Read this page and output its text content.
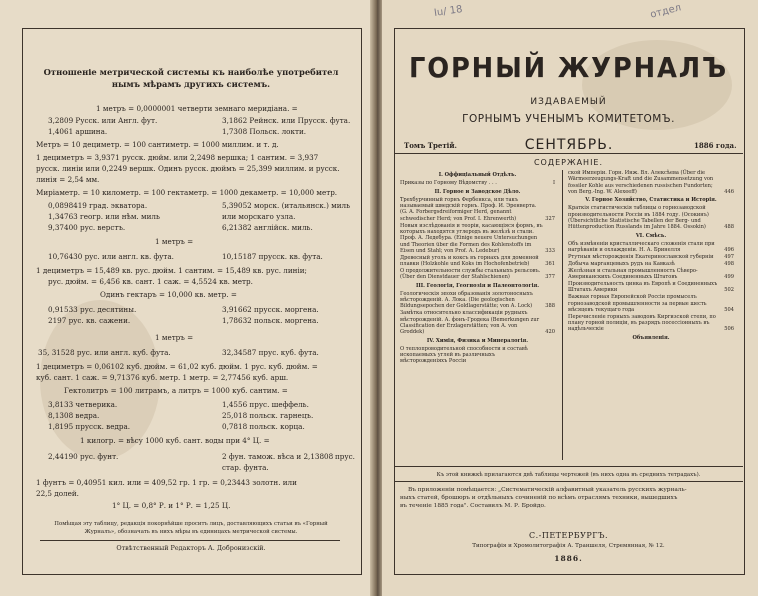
Отношеніе метрической системы къ наиболѣе употребител
нымъ мѣрамъ другихъ системъ.
1 метръ = 0,0000001 четверти земнаго меридіана. =
3,2809 Русск. или Англ. фут.	3,1862 Рейнск. или Прусск. фута.
1,4061 аршина.	1,7308 Польск. локти.
Метръ = 10 дециметр. = 100 сантиметр. = 1000 миллим. и т. д.
1 дециметръ = 3,9371 русск. дюйм. или 2,2498 вершка; 1 сантим. = 3,937
русск. линіи или 0,2249 вершк. Одинъ русск. дюймъ = 25,399 миллим. и русск.
линія = 2,54 мм.
Миріаметр. = 10 километр. = 100 гектаметр. = 1000 декаметр. = 10,000 метр.
0,0898419 град. экватора.	5,39052 морск. (итальянск.) миль
1,34763 геогр. или нѣм. миль	или морскаго узла.
9,37400 рус. верстъ.	6,21382 англійск. миль.
1 метръ =
10,76430 рус. или англ. кв. фута.	10,15187 прусск. кв. фута.
1 дециметръ = 15,489 кв. рус. дюйм. 1 сантим. = 15,489 кв. рус. линіи;
рус. дюйм. = 6,456 кв. сант. 1 саж. = 4,5524 кв. метр.
Одинъ гектаръ = 10,000 кв. метр. =
0,91533 рус. десятины.	3,91662 прусск. моргена.
2197 рус. кв. сажени.	1,78632 польск. моргена.
1 метръ =
35, 31528 рус. или англ. куб. фута.	32,34587 прус. куб. фута.
1 дециметръ = 0,06102 куб. дюйм. = 61,02 куб. дюйм. 1 рус. куб. дюйм. =
куб. сант. 1 саж. = 9,71376 куб. метр. 1 метр. = 2,77456 куб. арш.
Гектолитръ = 100 литрамъ, а литръ = 1000 куб. сантим. =
3,8133 четверика.	1,4556 прус. шеффель.
8,1308 ведра.	25,018 польск. гарнецъ.
1,8195 прусск. ведра.	0,7818 польск. корца.
1 килогр. = вѣсу 1000 куб. сант. воды при 4° Ц. =
2,44190 рус. фунт.	2 фун. тамож. вѣса и 2,13808 прус.
стар. фунта.
1 фунтъ = 0,40951 кил. или = 409,52 гр. 1 гр. = 0,23443 золотн. или
22,5 долей.
1° Ц. = 0,8° Р. и 1° Р. = 1,25 Ц.
Помѣщая эту таблицу, редакція покорнѣйше проситъ лицъ, доставляющихъ статьи въ «Горный
Журналъ», обозначать въ нихъ мѣры въ единицахъ метрической системы.
Отвѣтственный Редакторъ А. Добронизскій.
Iu/ 18	отдел
ГОРНЫЙ ЖУРНАЛЪ
ИЗДАВАЕМЫЙ
ГОРНЫМЪ УЧЕНЫМЪ КОМИТЕТОМЪ.
Томъ Третій.	СЕНТЯБРЬ.	1886 года.
СОДЕРЖАНІЕ.
I. Оффиціальный Отдѣлъ.
Приказы по Горному Вѣдомству . . .	I
II. Горное и Заводское Дѣло.
Трехбурчинный горнъ Фербенкса, или такъ называемый шведскій горнъ. Проф. И. Эренверта. (G. A. Forbergsdreiformiger Herd, genannt schwedischer Herd; von Prof. I. Ehrenwerth)	327
Новыя изслѣдованія и теоріи, касающіяся формъ, въ которыхъ находятся углеродъ въ желѣзѣ и стали. Проф. А. Ледебура. (Einige neuere Untersuchungen und Theorien über die Formen des Kohlenstoffs im Eisen und Stahl; von Prof. A. Ledebur)	333
Древесный уголь и коксъ въ горнахъ для доменной плавки (Holzkohle und Koks im Hochofenbetrieb)	361
О продолжительности службы стальныхъ рельсовъ. (Über den Dienstdauer der Stahlschienen)	377
III. Геологія, Геогнозія и Палеонтологія.
Геологическія эпохи образованія золотоносныхъ мѣсторожденій. А. Лока. (Die geologischen Bildungsepochen der Goldlagerstätte; von A. Lock)	388
Замѣтка относительно классификаціи рудныхъ мѣсторожденій. А. фонъ-Гродека (Bemerkungen zur Classification der Erzlagerstätten; von A. von Groddek)	420
IV. Химія, Физика и Минералогія.
О теплопроводительной способности и составѣ ископаемыхъ углей въ различныхъ мѣсторожденіяхъ Россіи
ской Имперіи. Горн. Инж. Вл. Алексѣева (Über die Wärmeerzeugungs-Kraft und die Zusammensetzung von fossiler Kohle aus verschiedenen russischen Fundorten; von Berg.-Ing. W. Alexeeff)	446
V. Горное Хозяйство, Статистика и Исторія.
Краткія статистическія таблицы о горнозаводской производительности Россіи въ 1884 году. (Осокинъ) (Übersichtliche Statistische Tabellen der Berg- und Hüttenproduction Russlands im Jahre 1884. Ossokin)	488
VI. Смѣсь.
Объ измѣненіи кристаллическаго сложенія стали при нагрѣваніи и охлажденіи. Н. А. Бринелля	496
Ртутныя мѣсторожденія Екатеринославской губерніи 497
Добыча марганцевыхъ рудъ на Кавказѣ	498
Желѣзная и стальная промышленность Сѣверо-Американскихъ Соединенныхъ Штатовъ	499
Производительность цинка въ Европѣ и Соединенныхъ Штатахъ Америки	502
Важная горная Европейской Россіи промыселъ горнозаводской промышленности за первые шесть мѣсяцевъ текущаго года	504
Перечисленіе горныхъ заводовъ Киргизской степи, по плану горной полиціи, въ разрядъ посессіонныхъ въ надѣльческіе	506
Объявленія.
Къ этой книжкѣ прилагаются двѣ таблицы чертежей (въ нихъ одна въ среднихъ тетрадахъ).
Въ приложеніи помѣщается: „Систематическій алфавитный указатель русскихъ журналь-
ныхъ статей, брошюръ и отдѣльныхъ сочиненій по всѣмъ отраслямъ техники, вышедшихъ
въ теченіе 1885 года". Составилъ М. Р. Бройдо.
С.-ПЕТЕРБУРГЪ.
Типографія и Хромолитографія А. Траншеля, Стремянная, № 12.
1886.
